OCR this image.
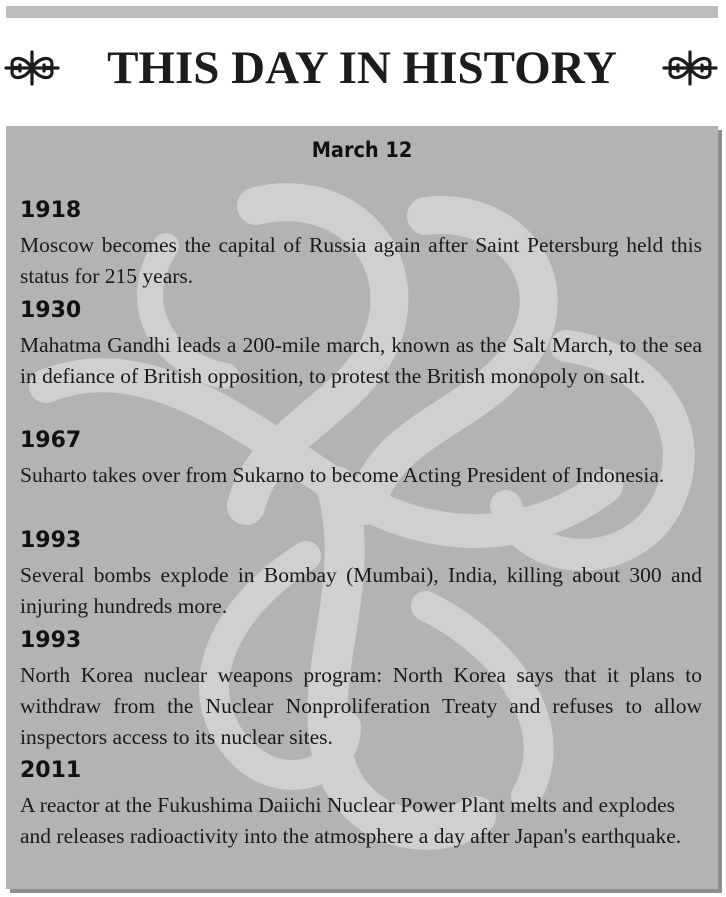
THIS DAY IN HISTORY
March 12
1918
Moscow becomes the capital of Russia again after Saint Petersburg held this status for 215 years.
1930
Mahatma Gandhi leads a 200-mile march, known as the Salt March, to the sea in defiance of British opposition, to protest the British monopoly on salt.
1967
Suharto takes over from Sukarno to become Acting President of Indonesia.
1993
Several bombs explode in Bombay (Mumbai), India, killing about 300 and injuring hundreds more.
1993
North Korea nuclear weapons program: North Korea says that it plans to withdraw from the Nuclear Nonproliferation Treaty and refuses to allow inspectors access to its nuclear sites.
2011
A reactor at the Fukushima Daiichi Nuclear Power Plant melts and explodes and releases radioactivity into the atmosphere a day after Japan's earthquake.
